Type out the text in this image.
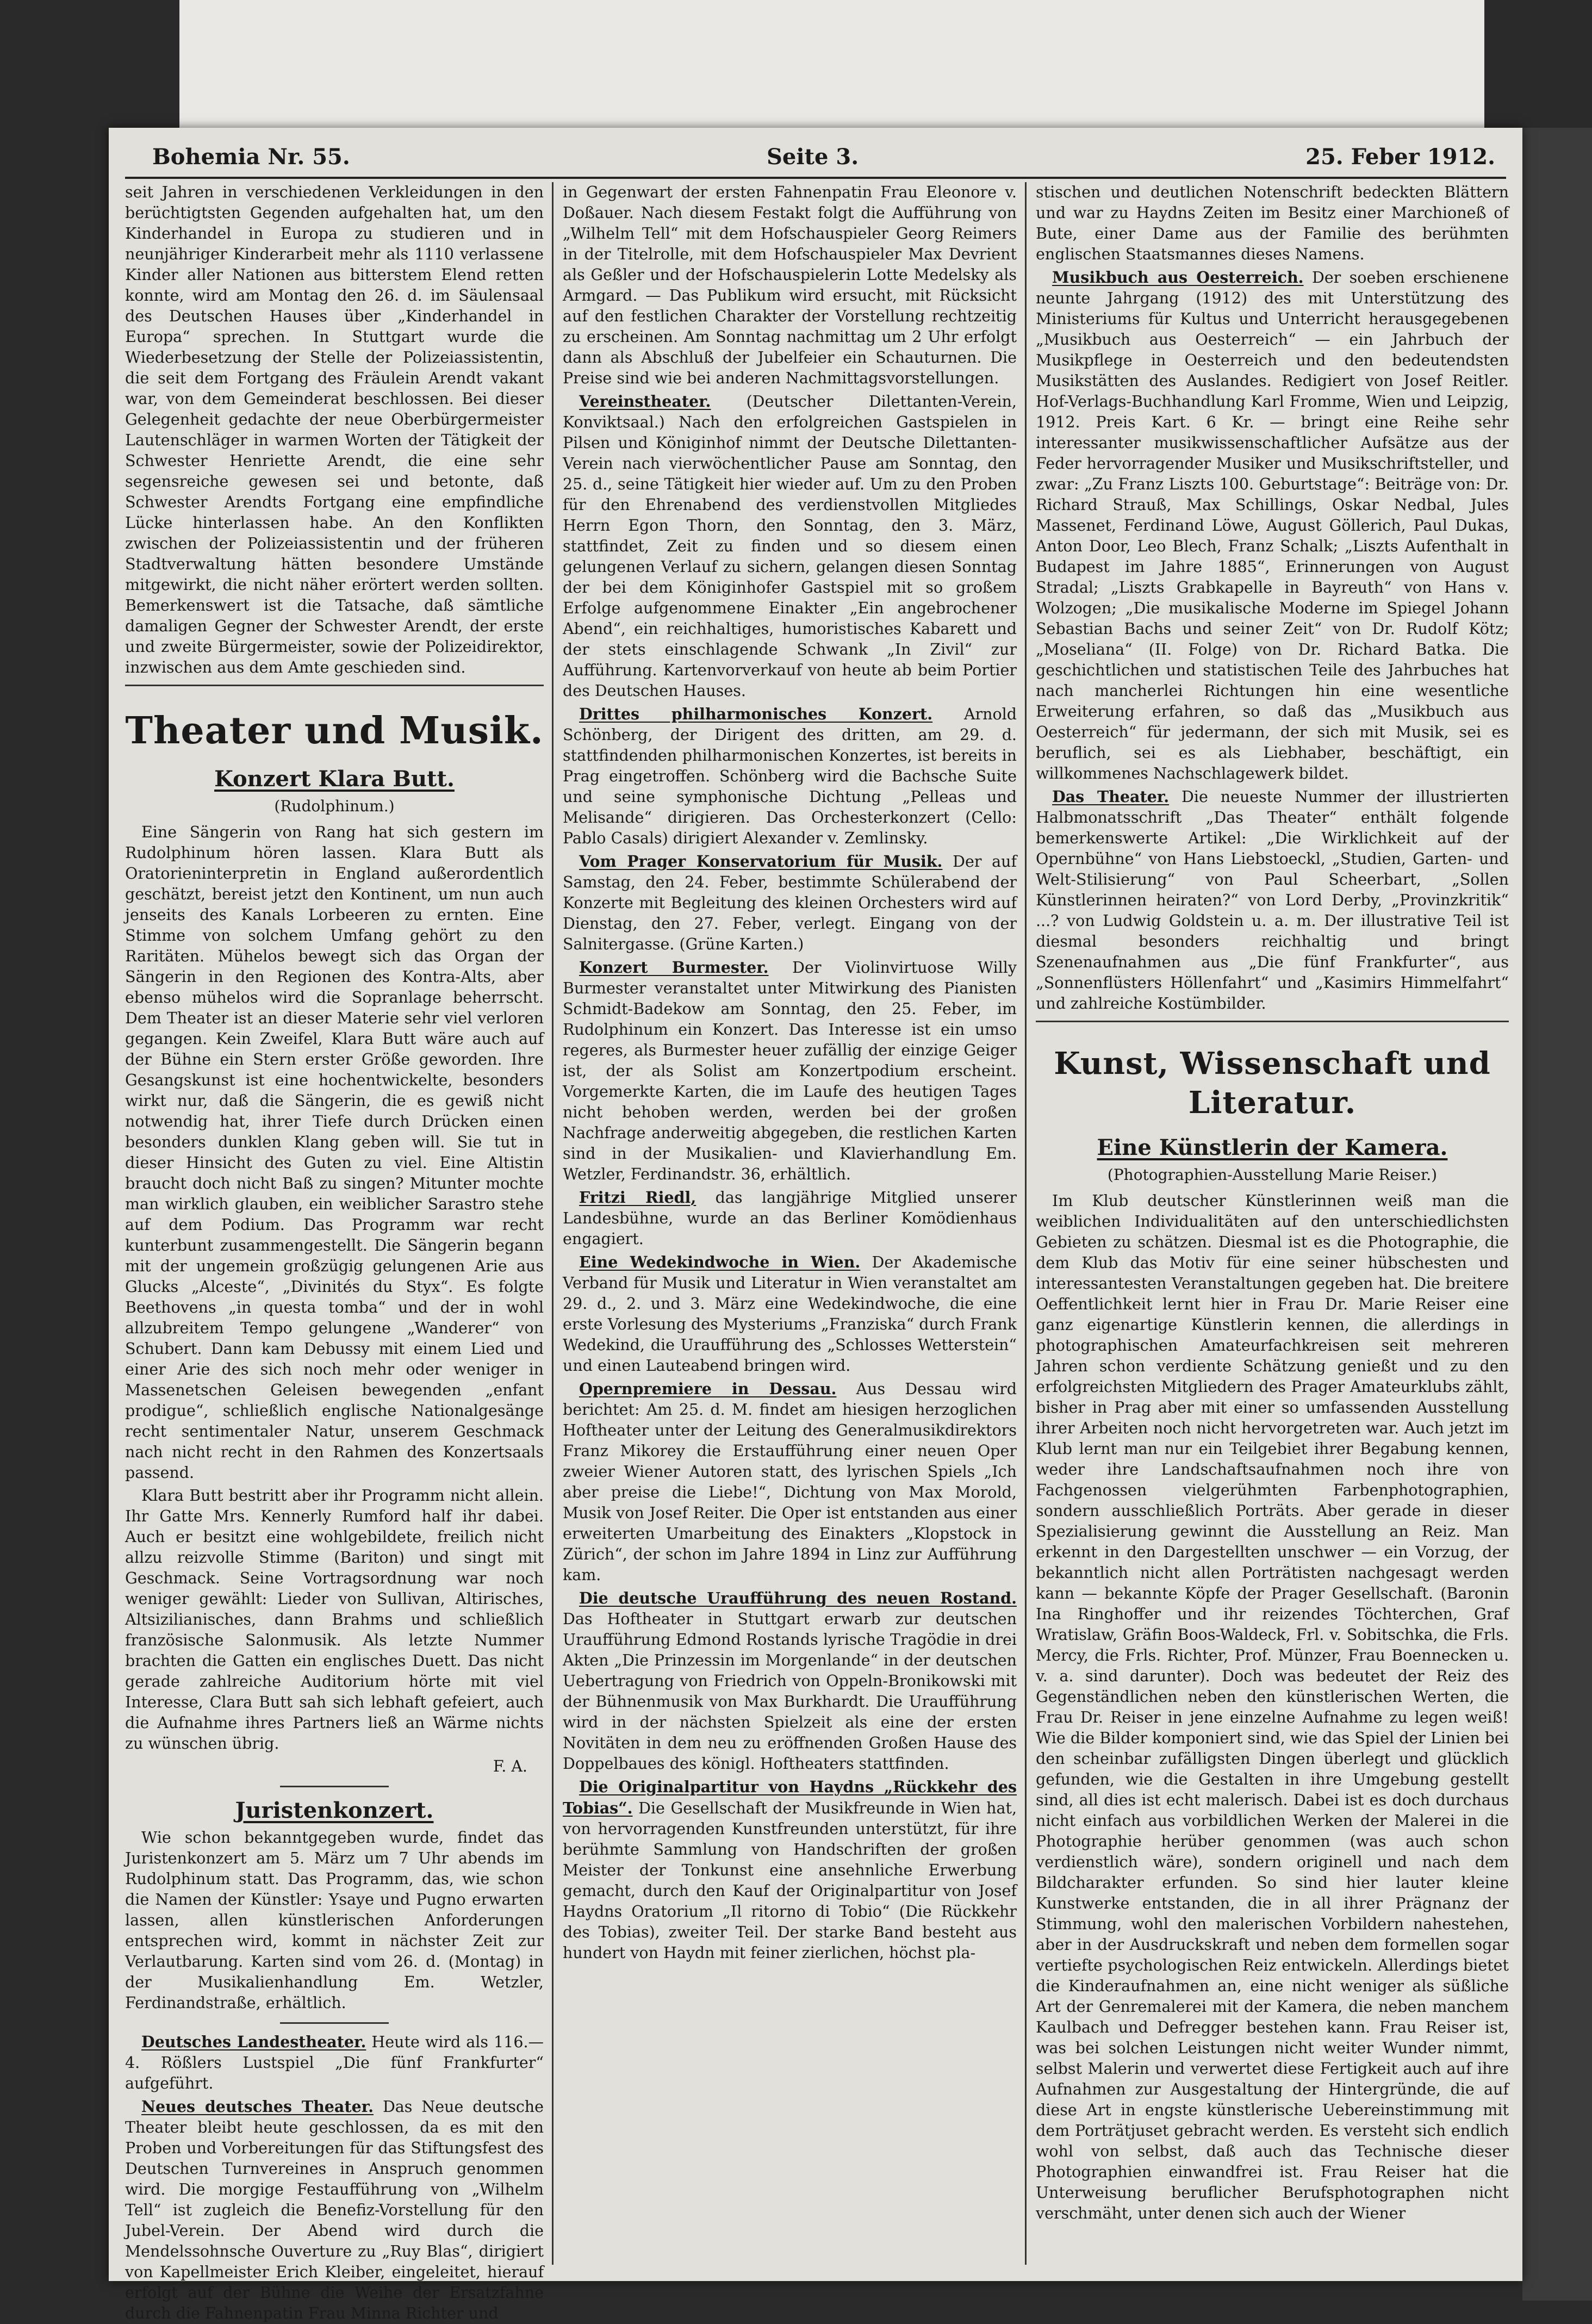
Bohemia Nr. 55.	Seite 3.	25. Feber 1912.

seit Jahren in verschiedenen Verkleidungen in den berüchtigtsten Gegenden aufgehalten hat, um den Kinderhandel in Europa zu studieren und in neunjähriger Kinderarbeit mehr als 1110 verlassene Kinder aller Nationen aus bitterstem Elend retten konnte, wird am Montag den 26. d. im Säulensaal des Deutschen Hauses über „Kinderhandel in Europa“ sprechen. In Stuttgart wurde die Wiederbesetzung der Stelle der Polizeiassistentin, die seit dem Fortgang des Fräulein Arendt vakant war, von dem Gemeinderat beschlossen. Bei dieser Gelegenheit gedachte der neue Oberbürgermeister Lautenschläger in warmen Worten der Tätigkeit der Schwester Henriette Arendt, die eine sehr segensreiche gewesen sei und betonte, daß Schwester Arendts Fortgang eine empfindliche Lücke hinterlassen habe. An den Konflikten zwischen der Polizeiassistentin und der früheren Stadtverwaltung hätten besondere Umstände mitgewirkt, die nicht näher erörtert werden sollten. Bemerkenswert ist die Tatsache, daß sämtliche damaligen Gegner der Schwester Arendt, der erste und zweite Bürgermeister, sowie der Polizeidirektor, inzwischen aus dem Amte geschieden sind.

Theater und Musik.
Konzert Klara Butt.
(Rudolphinum.)

Eine Sängerin von Rang hat sich gestern im Rudolphinum hören lassen. Klara Butt als Oratorieninterpretin in England außerordentlich geschätzt, bereist jetzt den Kontinent, um nun auch jenseits des Kanals Lorbeeren zu ernten. Eine Stimme von solchem Umfang gehört zu den Raritäten. Mühelos bewegt sich das Organ der Sängerin in den Regionen des Kontra-Alts, aber ebenso mühelos wird die Sopranlage beherrscht. Dem Theater ist an dieser Materie sehr viel verloren gegangen. Kein Zweifel, Klara Butt wäre auch auf der Bühne ein Stern erster Größe geworden. Ihre Gesangskunst ist eine hochentwickelte, besonders wirkt nur, daß die Sängerin, die es gewiß nicht notwendig hat, ihrer Tiefe durch Drücken einen besonders dunklen Klang geben will. Sie tut in dieser Hinsicht des Guten zu viel. Eine Altistin braucht doch nicht Baß zu singen? Mitunter mochte man wirklich glauben, ein weiblicher Sarastro stehe auf dem Podium. Das Programm war recht kunterbunt zusammengestellt. Die Sängerin begann mit der ungemein großzügig gelungenen Arie aus Glucks „Alceste“, „Divinités du Styx“. Es folgte Beethovens „in questa tomba“ und der in wohl allzubreitem Tempo gelungene „Wanderer“ von Schubert. Dann kam Debussy mit einem Lied und einer Arie des sich noch mehr oder weniger in Massenetschen Geleisen bewegenden „enfant prodigue“, schließlich englische Nationalgesänge recht sentimentaler Natur, unserem Geschmack nach nicht recht in den Rahmen des Konzertsaals passend.

Klara Butt bestritt aber ihr Programm nicht allein. Ihr Gatte Mrs. Kennerly Rumford half ihr dabei. Auch er besitzt eine wohlgebildete, freilich nicht allzu reizvolle Stimme (Bariton) und singt mit Geschmack. Seine Vortragsordnung war noch weniger gewählt: Lieder von Sullivan, Altirisches, Altsizilianisches, dann Brahms und schließlich französische Salonmusik. Als letzte Nummer brachten die Gatten ein englisches Duett. Das nicht gerade zahlreiche Auditorium hörte mit viel Interesse, Clara Butt sah sich lebhaft gefeiert, auch die Aufnahme ihres Partners ließ an Wärme nichts zu wünschen übrig.

F. A.
Juristenkonzert.

Wie schon bekanntgegeben wurde, findet das Juristenkonzert am 5. März um 7 Uhr abends im Rudolphinum statt. Das Programm, das, wie schon die Namen der Künstler: Ysaye und Pugno erwarten lassen, allen künstlerischen Anforderungen entsprechen wird, kommt in nächster Zeit zur Verlautbarung. Karten sind vom 26. d. (Montag) in der Musikalienhandlung Em. Wetzler, Ferdinandstraße, erhältlich.

Deutsches Landestheater. Heute wird als 116.—4. Rößlers Lustspiel „Die fünf Frankfurter“ aufgeführt.

Neues deutsches Theater. Das Neue deutsche Theater bleibt heute geschlossen, da es mit den Proben und Vorbereitungen für das Stiftungsfest des Deutschen Turnvereines in Anspruch genommen wird. Die morgige Festaufführung von „Wilhelm Tell“ ist zugleich die Benefiz-Vorstellung für den Jubel-Verein. Der Abend wird durch die Mendelssohnsche Ouverture zu „Ruy Blas“, dirigiert von Kapellmeister Erich Kleiber, eingeleitet, hierauf erfolgt auf der Bühne die Weihe der Ersatzfahne durch die Fahnenpatin Frau Minna Richter und

in Gegenwart der ersten Fahnenpatin Frau Eleonore v. Doßauer. Nach diesem Festakt folgt die Aufführung von „Wilhelm Tell“ mit dem Hofschauspieler Georg Reimers in der Titelrolle, mit dem Hofschauspieler Max Devrient als Geßler und der Hofschauspielerin Lotte Medelsky als Armgard. — Das Publikum wird ersucht, mit Rücksicht auf den festlichen Charakter der Vorstellung rechtzeitig zu erscheinen. Am Sonntag nachmittag um 2 Uhr erfolgt dann als Abschluß der Jubelfeier ein Schauturnen. Die Preise sind wie bei anderen Nachmittagsvorstellungen.

Vereinstheater. (Deutscher Dilettanten-Verein, Konviktsaal.) Nach den erfolgreichen Gastspielen in Pilsen und Königinhof nimmt der Deutsche Dilettanten-Verein nach vierwöchentlicher Pause am Sonntag, den 25. d., seine Tätigkeit hier wieder auf. Um zu den Proben für den Ehrenabend des verdienstvollen Mitgliedes Herrn Egon Thorn, den Sonntag, den 3. März, stattfindet, Zeit zu finden und so diesem einen gelungenen Verlauf zu sichern, gelangen diesen Sonntag der bei dem Königinhofer Gastspiel mit so großem Erfolge aufgenommene Einakter „Ein angebrochener Abend“, ein reichhaltiges, humoristisches Kabarett und der stets einschlagende Schwank „In Zivil“ zur Aufführung. Kartenvorverkauf von heute ab beim Portier des Deutschen Hauses.

Drittes philharmonisches Konzert. Arnold Schönberg, der Dirigent des dritten, am 29. d. stattfindenden philharmonischen Konzertes, ist bereits in Prag eingetroffen. Schönberg wird die Bachsche Suite und seine symphonische Dichtung „Pelleas und Melisande“ dirigieren. Das Orchesterkonzert (Cello: Pablo Casals) dirigiert Alexander v. Zemlinsky.

Vom Prager Konservatorium für Musik. Der auf Samstag, den 24. Feber, bestimmte Schülerabend der Konzerte mit Begleitung des kleinen Orchesters wird auf Dienstag, den 27. Feber, verlegt. Eingang von der Salnitergasse. (Grüne Karten.)

Konzert Burmester. Der Violinvirtuose Willy Burmester veranstaltet unter Mitwirkung des Pianisten Schmidt-Badekow am Sonntag, den 25. Feber, im Rudolphinum ein Konzert. Das Interesse ist ein umso regeres, als Burmester heuer zufällig der einzige Geiger ist, der als Solist am Konzertpodium erscheint. Vorgemerkte Karten, die im Laufe des heutigen Tages nicht behoben werden, werden bei der großen Nachfrage anderweitig abgegeben, die restlichen Karten sind in der Musikalien- und Klavierhandlung Em. Wetzler, Ferdinandstr. 36, erhältlich.

Fritzi Riedl, das langjährige Mitglied unserer Landesbühne, wurde an das Berliner Komödienhaus engagiert.

Eine Wedekindwoche in Wien. Der Akademische Verband für Musik und Literatur in Wien veranstaltet am 29. d., 2. und 3. März eine Wedekindwoche, die eine erste Vorlesung des Mysteriums „Franziska“ durch Frank Wedekind, die Uraufführung des „Schlosses Wetterstein“ und einen Lauteabend bringen wird.

Opernpremiere in Dessau. Aus Dessau wird berichtet: Am 25. d. M. findet am hiesigen herzoglichen Hoftheater unter der Leitung des Generalmusikdirektors Franz Mikorey die Erstaufführung einer neuen Oper zweier Wiener Autoren statt, des lyrischen Spiels „Ich aber preise die Liebe!“, Dichtung von Max Morold, Musik von Josef Reiter. Die Oper ist entstanden aus einer erweiterten Umarbeitung des Einakters „Klopstock in Zürich“, der schon im Jahre 1894 in Linz zur Aufführung kam.

Die deutsche Uraufführung des neuen Rostand. Das Hoftheater in Stuttgart erwarb zur deutschen Uraufführung Edmond Rostands lyrische Tragödie in drei Akten „Die Prinzessin im Morgenlande“ in der deutschen Uebertragung von Friedrich von Oppeln-Bronikowski mit der Bühnenmusik von Max Burkhardt. Die Uraufführung wird in der nächsten Spielzeit als eine der ersten Novitäten in dem neu zu eröffnenden Großen Hause des Doppelbaues des königl. Hoftheaters stattfinden.

Die Originalpartitur von Haydns „Rückkehr des Tobias“. Die Gesellschaft der Musikfreunde in Wien hat, von hervorragenden Kunstfreunden unterstützt, für ihre berühmte Sammlung von Handschriften der großen Meister der Tonkunst eine ansehnliche Erwerbung gemacht, durch den Kauf der Originalpartitur von Josef Haydns Oratorium „Il ritorno di Tobio“ (Die Rückkehr des Tobias), zweiter Teil. Der starke Band besteht aus hundert von Haydn mit feiner zierlichen, höchst pla-

stischen und deutlichen Notenschrift bedeckten Blättern und war zu Haydns Zeiten im Besitz einer Marchioneß of Bute, einer Dame aus der Familie des berühmten englischen Staatsmannes dieses Namens.

Musikbuch aus Oesterreich. Der soeben erschienene neunte Jahrgang (1912) des mit Unterstützung des Ministeriums für Kultus und Unterricht herausgegebenen „Musikbuch aus Oesterreich“ — ein Jahrbuch der Musikpflege in Oesterreich und den bedeutendsten Musikstätten des Auslandes. Redigiert von Josef Reitler. Hof-Verlags-Buchhandlung Karl Fromme, Wien und Leipzig, 1912. Preis Kart. 6 Kr. — bringt eine Reihe sehr interessanter musikwissenschaftlicher Aufsätze aus der Feder hervorragender Musiker und Musikschriftsteller, und zwar: „Zu Franz Liszts 100. Geburtstage“: Beiträge von: Dr. Richard Strauß, Max Schillings, Oskar Nedbal, Jules Massenet, Ferdinand Löwe, August Göllerich, Paul Dukas, Anton Door, Leo Blech, Franz Schalk; „Liszts Aufenthalt in Budapest im Jahre 1885“, Erinnerungen von August Stradal; „Liszts Grabkapelle in Bayreuth“ von Hans v. Wolzogen; „Die musikalische Moderne im Spiegel Johann Sebastian Bachs und seiner Zeit“ von Dr. Rudolf Kötz; „Moseliana“ (II. Folge) von Dr. Richard Batka. Die geschichtlichen und statistischen Teile des Jahrbuches hat nach mancherlei Richtungen hin eine wesentliche Erweiterung erfahren, so daß das „Musikbuch aus Oesterreich“ für jedermann, der sich mit Musik, sei es beruflich, sei es als Liebhaber, beschäftigt, ein willkommenes Nachschlagewerk bildet.

Das Theater. Die neueste Nummer der illustrierten Halbmonatsschrift „Das Theater“ enthält folgende bemerkenswerte Artikel: „Die Wirklichkeit auf der Opernbühne“ von Hans Liebstoeckl, „Studien, Garten- und Welt-Stilisierung“ von Paul Scheerbart, „Sollen Künstlerinnen heiraten?“ von Lord Derby, „Provinzkritik“ ...? von Ludwig Goldstein u. a. m. Der illustrative Teil ist diesmal besonders reichhaltig und bringt Szenenaufnahmen aus „Die fünf Frankfurter“, aus „Sonnenflüsters Höllenfahrt“ und „Kasimirs Himmelfahrt“ und zahlreiche Kostümbilder.

Kunst, Wissenschaft und Literatur.
Eine Künstlerin der Kamera.
(Photographien-Ausstellung Marie Reiser.)

Im Klub deutscher Künstlerinnen weiß man die weiblichen Individualitäten auf den unterschiedlichsten Gebieten zu schätzen. Diesmal ist es die Photographie, die dem Klub das Motiv für eine seiner hübschesten und interessantesten Veranstaltungen gegeben hat. Die breitere Oeffentlichkeit lernt hier in Frau Dr. Marie Reiser eine ganz eigenartige Künstlerin kennen, die allerdings in photographischen Amateurfachkreisen seit mehreren Jahren schon verdiente Schätzung genießt und zu den erfolgreichsten Mitgliedern des Prager Amateurklubs zählt, bisher in Prag aber mit einer so umfassenden Ausstellung ihrer Arbeiten noch nicht hervorgetreten war. Auch jetzt im Klub lernt man nur ein Teilgebiet ihrer Begabung kennen, weder ihre Landschaftsaufnahmen noch ihre von Fachgenossen vielgerühmten Farbenphotographien, sondern ausschließlich Porträts. Aber gerade in dieser Spezialisierung gewinnt die Ausstellung an Reiz. Man erkennt in den Dargestellten unschwer — ein Vorzug, der bekanntlich nicht allen Porträtisten nachgesagt werden kann — bekannte Köpfe der Prager Gesellschaft. (Baronin Ina Ringhoffer und ihr reizendes Töchterchen, Graf Wratislaw, Gräfin Boos-Waldeck, Frl. v. Sobitschka, die Frls. Mercy, die Frls. Richter, Prof. Münzer, Frau Boennecken u. v. a. sind darunter). Doch was bedeutet der Reiz des Gegenständlichen neben den künstlerischen Werten, die Frau Dr. Reiser in jene einzelne Aufnahme zu legen weiß! Wie die Bilder komponiert sind, wie das Spiel der Linien bei den scheinbar zufälligsten Dingen überlegt und glücklich gefunden, wie die Gestalten in ihre Umgebung gestellt sind, all dies ist echt malerisch. Dabei ist es doch durchaus nicht einfach aus vorbildlichen Werken der Malerei in die Photographie herüber genommen (was auch schon verdienstlich wäre), sondern originell und nach dem Bildcharakter erfunden. So sind hier lauter kleine Kunstwerke entstanden, die in all ihrer Prägnanz der Stimmung, wohl den malerischen Vorbildern nahestehen, aber in der Ausdruckskraft und neben dem formellen sogar vertiefte psychologischen Reiz entwickeln. Allerdings bietet die Kinderaufnahmen an, eine nicht weniger als süßliche Art der Genremalerei mit der Kamera, die neben manchem Kaulbach und Defregger bestehen kann. Frau Reiser ist, was bei solchen Leistungen nicht weiter Wunder nimmt, selbst Malerin und verwertet diese Fertigkeit auch auf ihre Aufnahmen zur Ausgestaltung der Hintergründe, die auf diese Art in engste künstlerische Uebereinstimmung mit dem Porträtjuset gebracht werden. Es versteht sich endlich wohl von selbst, daß auch das Technische dieser Photographien einwandfrei ist. Frau Reiser hat die Unterweisung beruflicher Berufsphotographen nicht verschmäht, unter denen sich auch der Wiener
